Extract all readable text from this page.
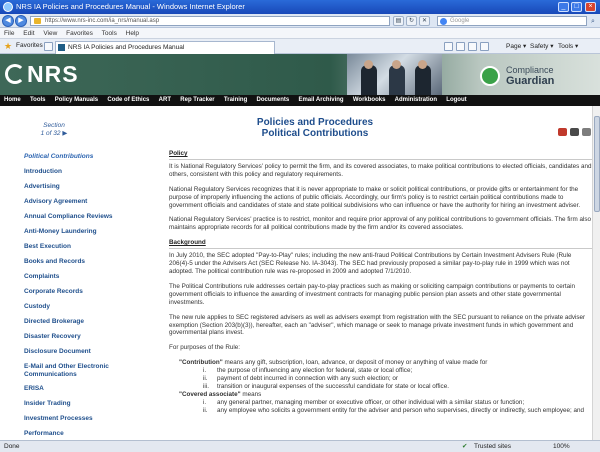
NRS IA Policies and Procedures Manual - Windows Internet Explorer	_	□	×
◀	▶	https://www.nrs-inc.com/ia_nrs/manual.asp	▤	↻	✕	Google	⌕
File Edit View Favorites Tools Help
★ Favorites	NRS IA Policies and Procedures Manual	Page ▾ Safety ▾ Tools ▾
NRS	Compliance
Guardian
Home Tools Policy Manuals Code of Ethics ART Rep Tracker Training Documents Email Archiving Workbooks Administration Logout
Section
1 of 32 ▶
Political Contributions
Introduction
Advertising
Advisory Agreement
Annual Compliance Reviews
Anti-Money Laundering
Best Execution
Books and Records
Complaints
Corporate Records
Custody
Directed Brokerage
Disaster Recovery
Disclosure Document
E-Mail and Other Electronic Communications
ERISA
Insider Trading
Investment Processes
Performance
Policies and Procedures
Political Contributions
Policy

It is National Regulatory Services' policy to permit the firm, and its covered associates, to make political contributions to elected officials, candidates and others, consistent with this policy and regulatory requirements.

National Regulatory Services recognizes that it is never appropriate to make or solicit political contributions, or provide gifts or entertainment for the purpose of improperly influencing the actions of public officials. Accordingly, our firm's policy is to restrict certain political contributions made to government officials and candidates of state and state political subdivisions who can influence or have the authority for hiring an investment adviser.

National Regulatory Services' practice is to restrict, monitor and require prior approval of any political contributions to government officials. The firm also maintains appropriate records for all political contributions made by the firm and/or its covered associates.

Background

In July 2010, the SEC adopted "Pay-to-Play" rules; including the new anti-fraud Political Contributions by Certain Investment Advisers Rule (Rule 206(4)-5 under the Advisers Act (SEC Release No. IA-3043). The SEC had previously proposed a similar pay-to-play rule in 1999 which was not adopted. The political contribution rule was re-proposed in 2009 and adopted 7/1/2010.

The Political Contributions rule addresses certain pay-to-play practices such as making or soliciting campaign contributions or payments to certain government officials to influence the awarding of investment contracts for managing public pension plan assets and other state governmental investments.

The new rule applies to SEC registered advisers as well as advisers exempt from registration with the SEC pursuant to reliance on the private adviser exemption (Section 203(b)(3)), hereafter, each an "adviser", which manage or seek to manage private investment funds in which government and governmental plans invest.

For purposes of the Rule:

"Contribution" means any gift, subscription, loan, advance, or deposit of money or anything of value made for
i. the purpose of influencing any election for federal, state or local office;
ii. payment of debt incurred in connection with any such election; or
iii. transition or inaugural expenses of the successful candidate for state or local office.
"Covered associate" means
i. any general partner, managing member or executive officer, or other individual with a similar status or function;
ii. any employee who solicits a government entity for the adviser and person who supervises, directly or indirectly, such employee; and
Done	✔ Trusted sites	100%
